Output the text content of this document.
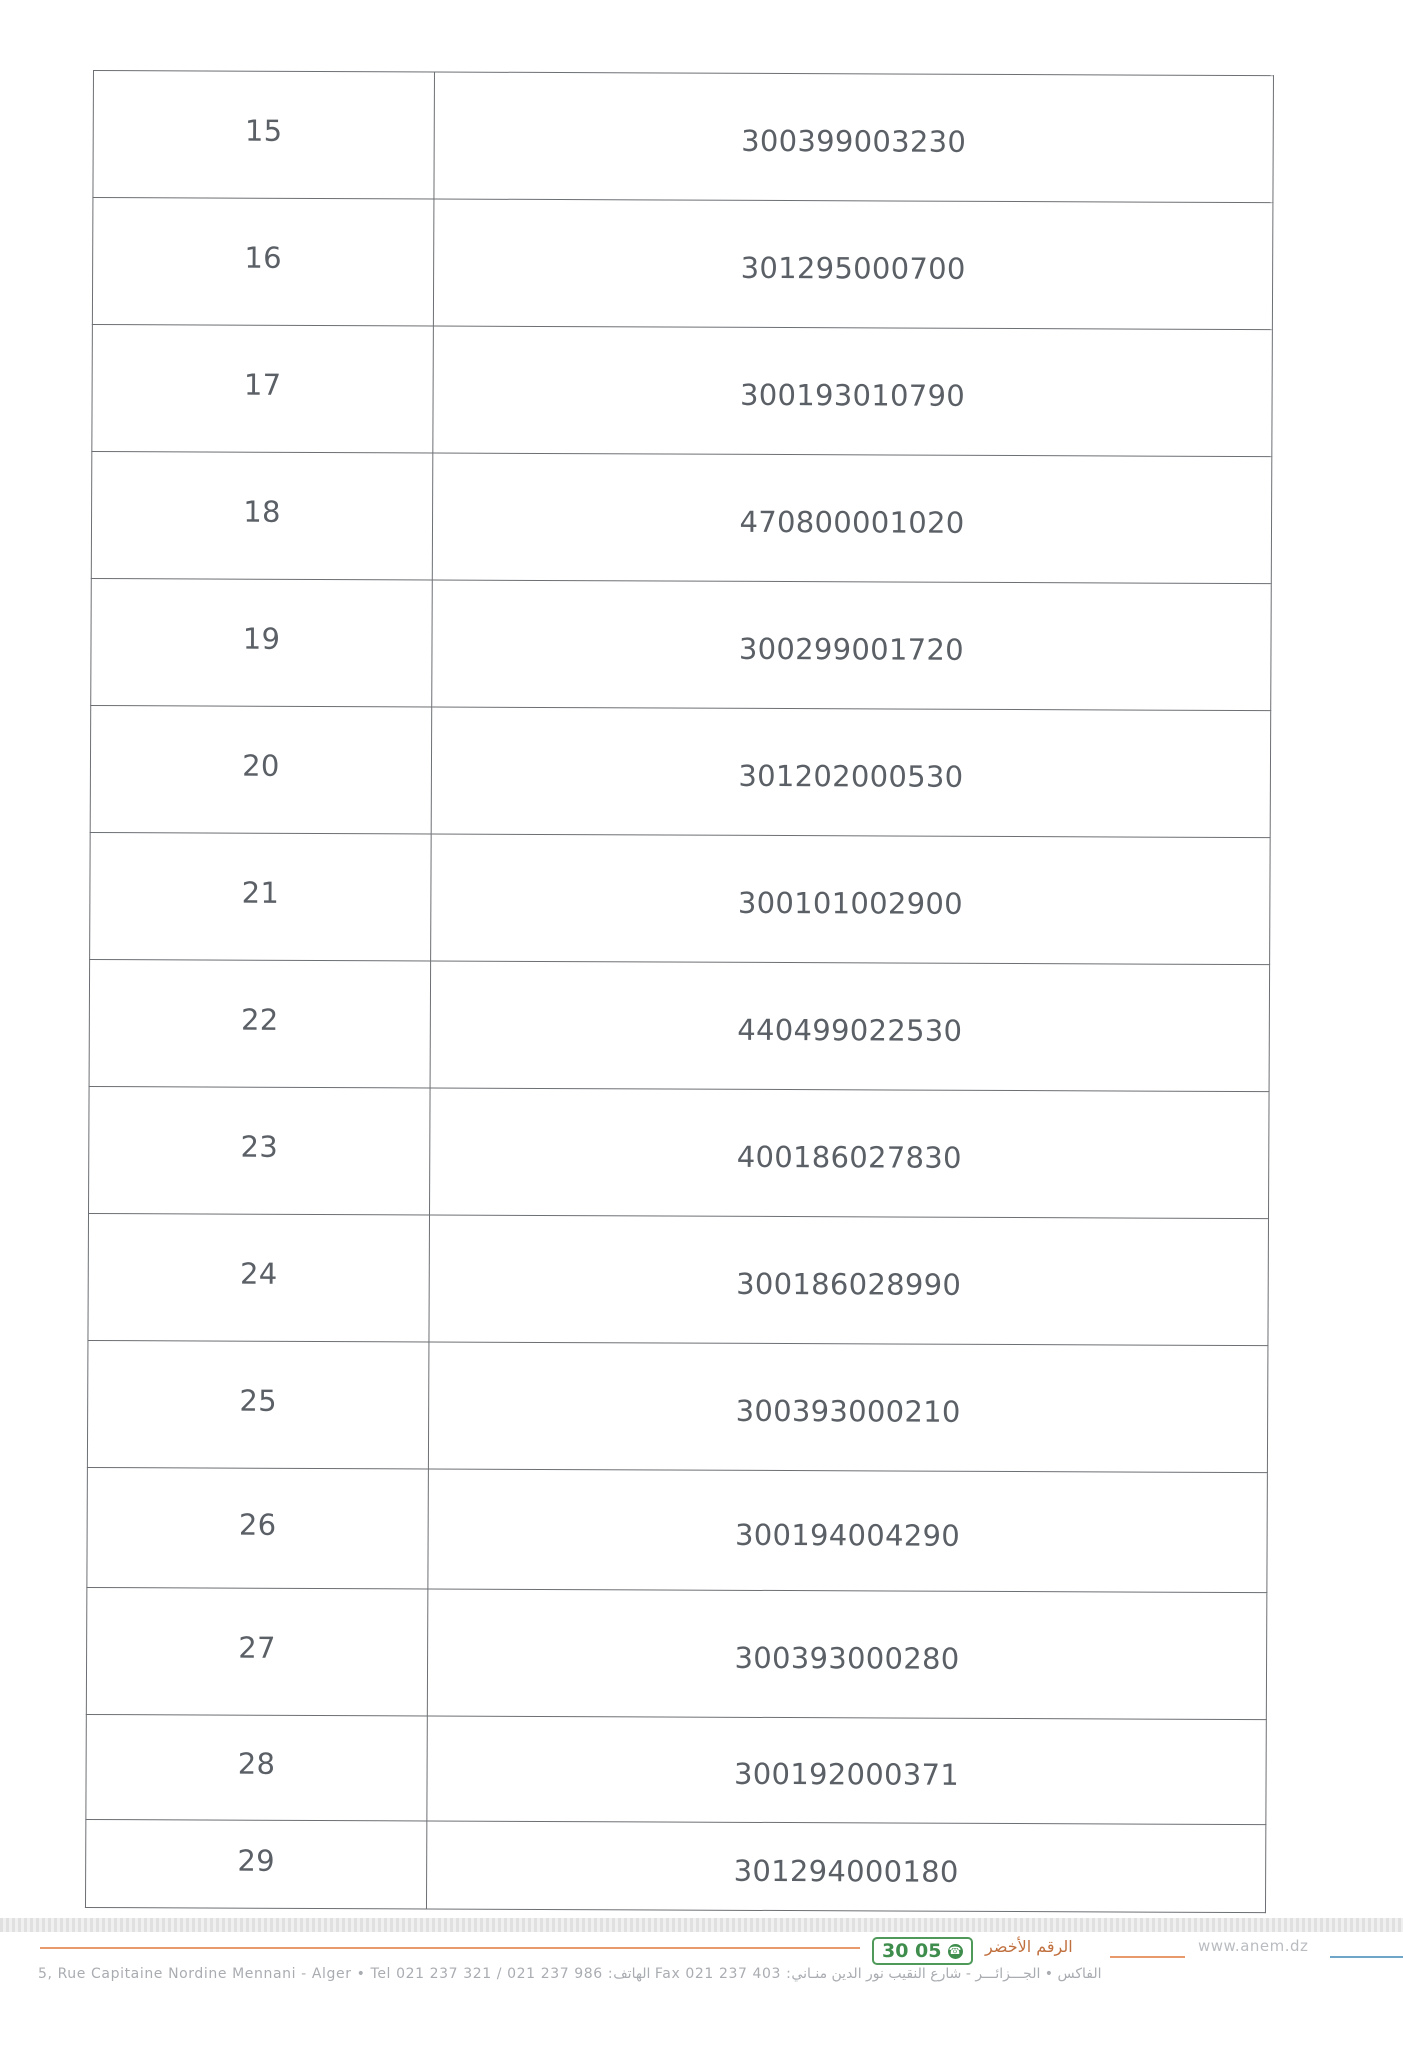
15	300399003230
16	301295000700
17	300193010790
18	470800001020
19	300299001720
20	301202000530
21	300101002900
22	440499022530
23	400186027830
24	300186028990
25	300393000210
26	300194004290
27	300393000280
28	300192000371
29	301294000180
30 05 ☎ الرقم الأخضر	www.anem.dz
5, Rue Capitaine Nordine Mennani - Alger • Tel 021 237 321 / 021 237 986 :الهاتف Fax 021 237 403 :الفاكس • الجـــزائـــر - شارع النقيب نور الدين منـاني
